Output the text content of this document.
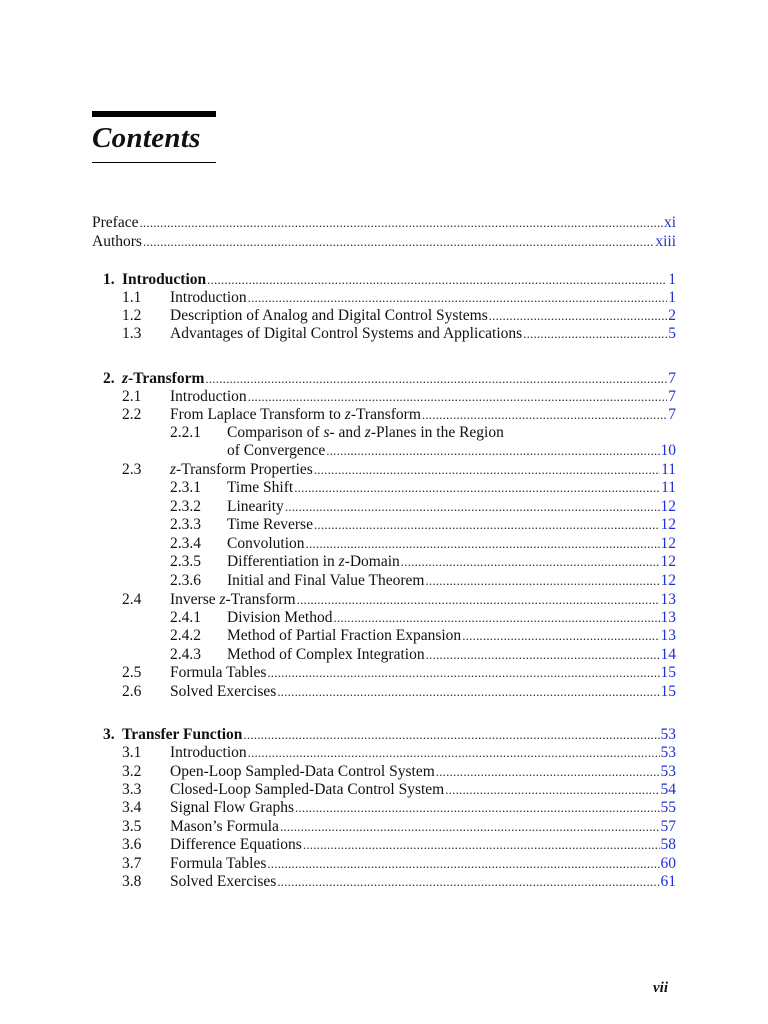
Contents
Preface .....	xi
Authors .....	xiii
1. Introduction .....	1
1.1 Introduction .....	1
1.2 Description of Analog and Digital Control Systems .....	2
1.3 Advantages of Digital Control Systems and Applications .....	5
2. z-Transform .....	7
2.1 Introduction .....	7
2.2 From Laplace Transform to z-Transform .....	7
2.2.1 Comparison of s- and z-Planes in the Region
of Convergence .....	10
2.3 z-Transform Properties .....	11
2.3.1 Time Shift .....	11
2.3.2 Linearity .....	12
2.3.3 Time Reverse .....	12
2.3.4 Convolution .....	12
2.3.5 Differentiation in z-Domain .....	12
2.3.6 Initial and Final Value Theorem .....	12
2.4 Inverse z-Transform .....	13
2.4.1 Division Method .....	13
2.4.2 Method of Partial Fraction Expansion .....	13
2.4.3 Method of Complex Integration .....	14
2.5 Formula Tables .....	15
2.6 Solved Exercises .....	15
3. Transfer Function .....	53
3.1 Introduction .....	53
3.2 Open-Loop Sampled-Data Control System .....	53
3.3 Closed-Loop Sampled-Data Control System .....	54
3.4 Signal Flow Graphs .....	55
3.5 Mason’s Formula .....	57
3.6 Difference Equations .....	58
3.7 Formula Tables .....	60
3.8 Solved Exercises .....	61
vii
